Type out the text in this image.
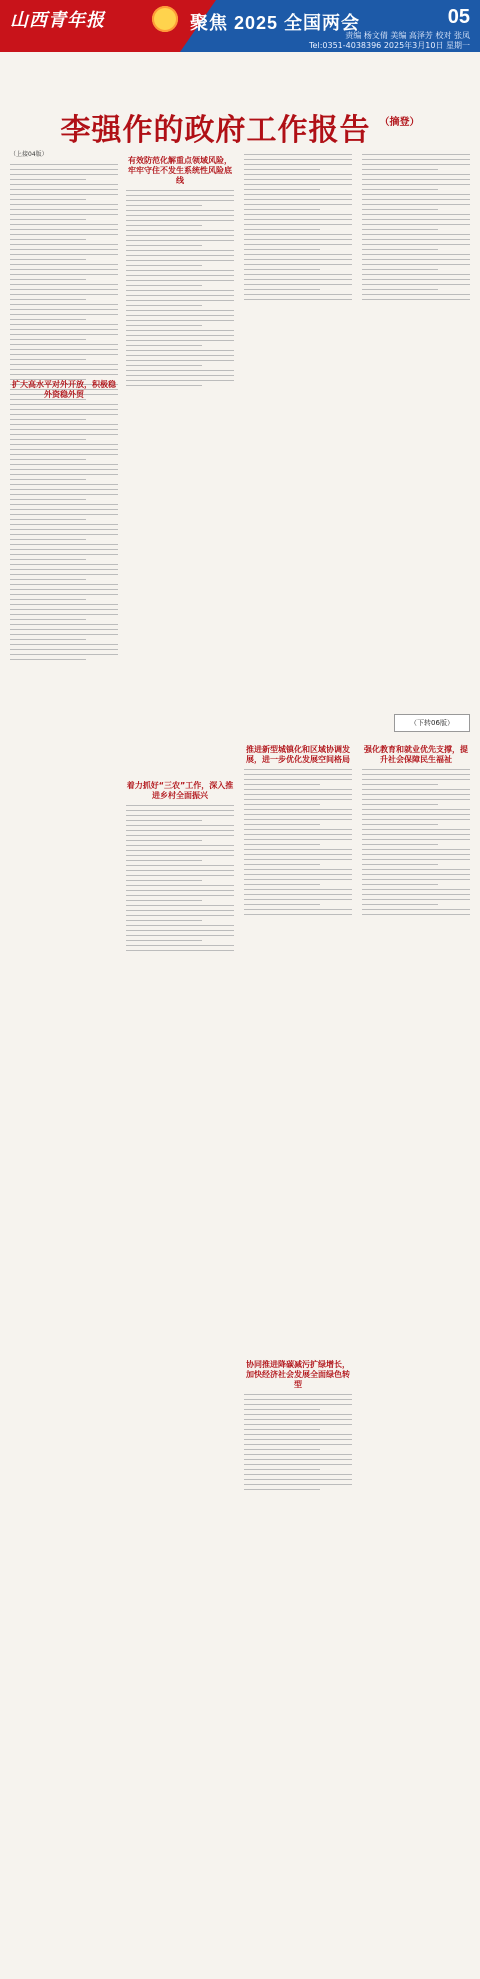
山西青年报	聚焦 2025 全国两会	05
责编 杨文倩 美编 高泽芳 校对 张凤
Tel:0351-4038396 2025年3月10日 星期一
李强作的政府工作报告 $^{(摘登)}$
（上接04版）
有效防范化解重点领域风险，牢牢守住不发生系统性风险底线
着力抓好“三农”工作，深入推进乡村全面振兴
推进新型城镇化和区域协调发展，进一步优化发展空间格局
协同推进降碳减污扩绿增长，加快经济社会发展全面绿色转型
强化教育和就业优先支撑，提升社会保障民生福祉
扩大高水平对外开放，积极稳外资稳外贸
（下转06版）
